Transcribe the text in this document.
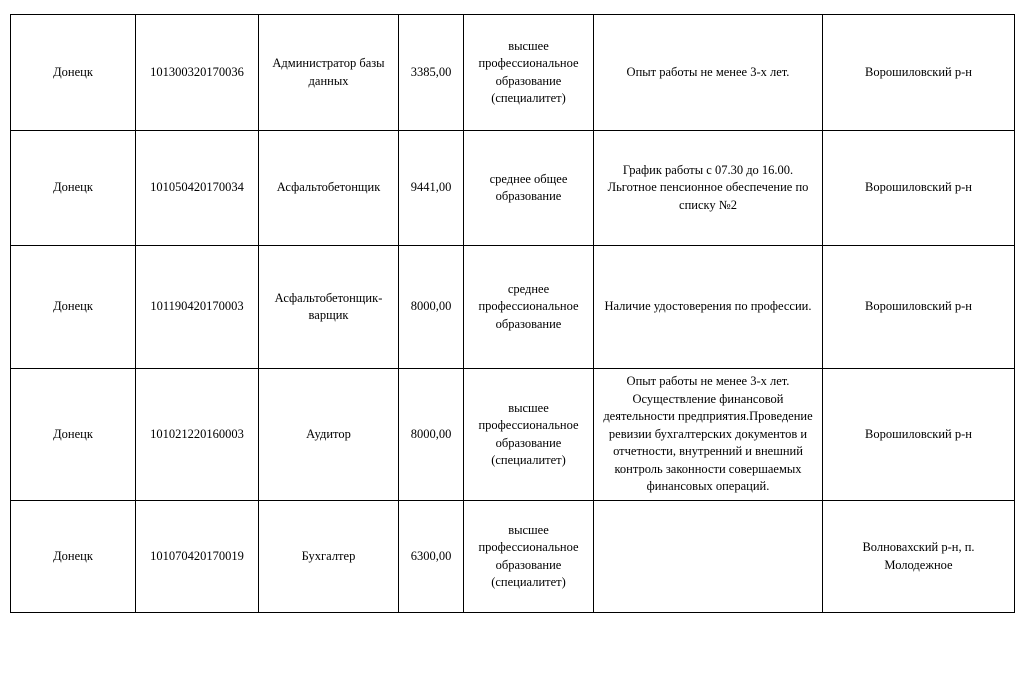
Донецк	101300320170036	Администратор базы данных	3385,00	высшее профессиональное образование (специалитет)	Опыт работы не менее 3-х лет.	Ворошиловский р-н
Донецк	101050420170034	Асфальтобетонщик	9441,00	среднее общее образование	График работы с 07.30 до 16.00. Льготное пенсионное обеспечение по списку №2	Ворошиловский р-н
Донецк	101190420170003	Асфальтобетонщик-варщик	8000,00	среднее профессиональное образование	Наличие удостоверения по профессии.	Ворошиловский р-н
Донецк	101021220160003	Аудитор	8000,00	высшее профессиональное образование (специалитет)	Опыт работы не менее 3-х лет. Осуществление финансовой деятельности предприятия.Проведение ревизии бухгалтерских документов и отчетности, внутренний и внешний контроль законности совершаемых финансовых операций.	Ворошиловский р-н
Донецк	101070420170019	Бухгалтер	6300,00	высшее профессиональное образование (специалитет)		Волновахский р-н, п. Молодежное
